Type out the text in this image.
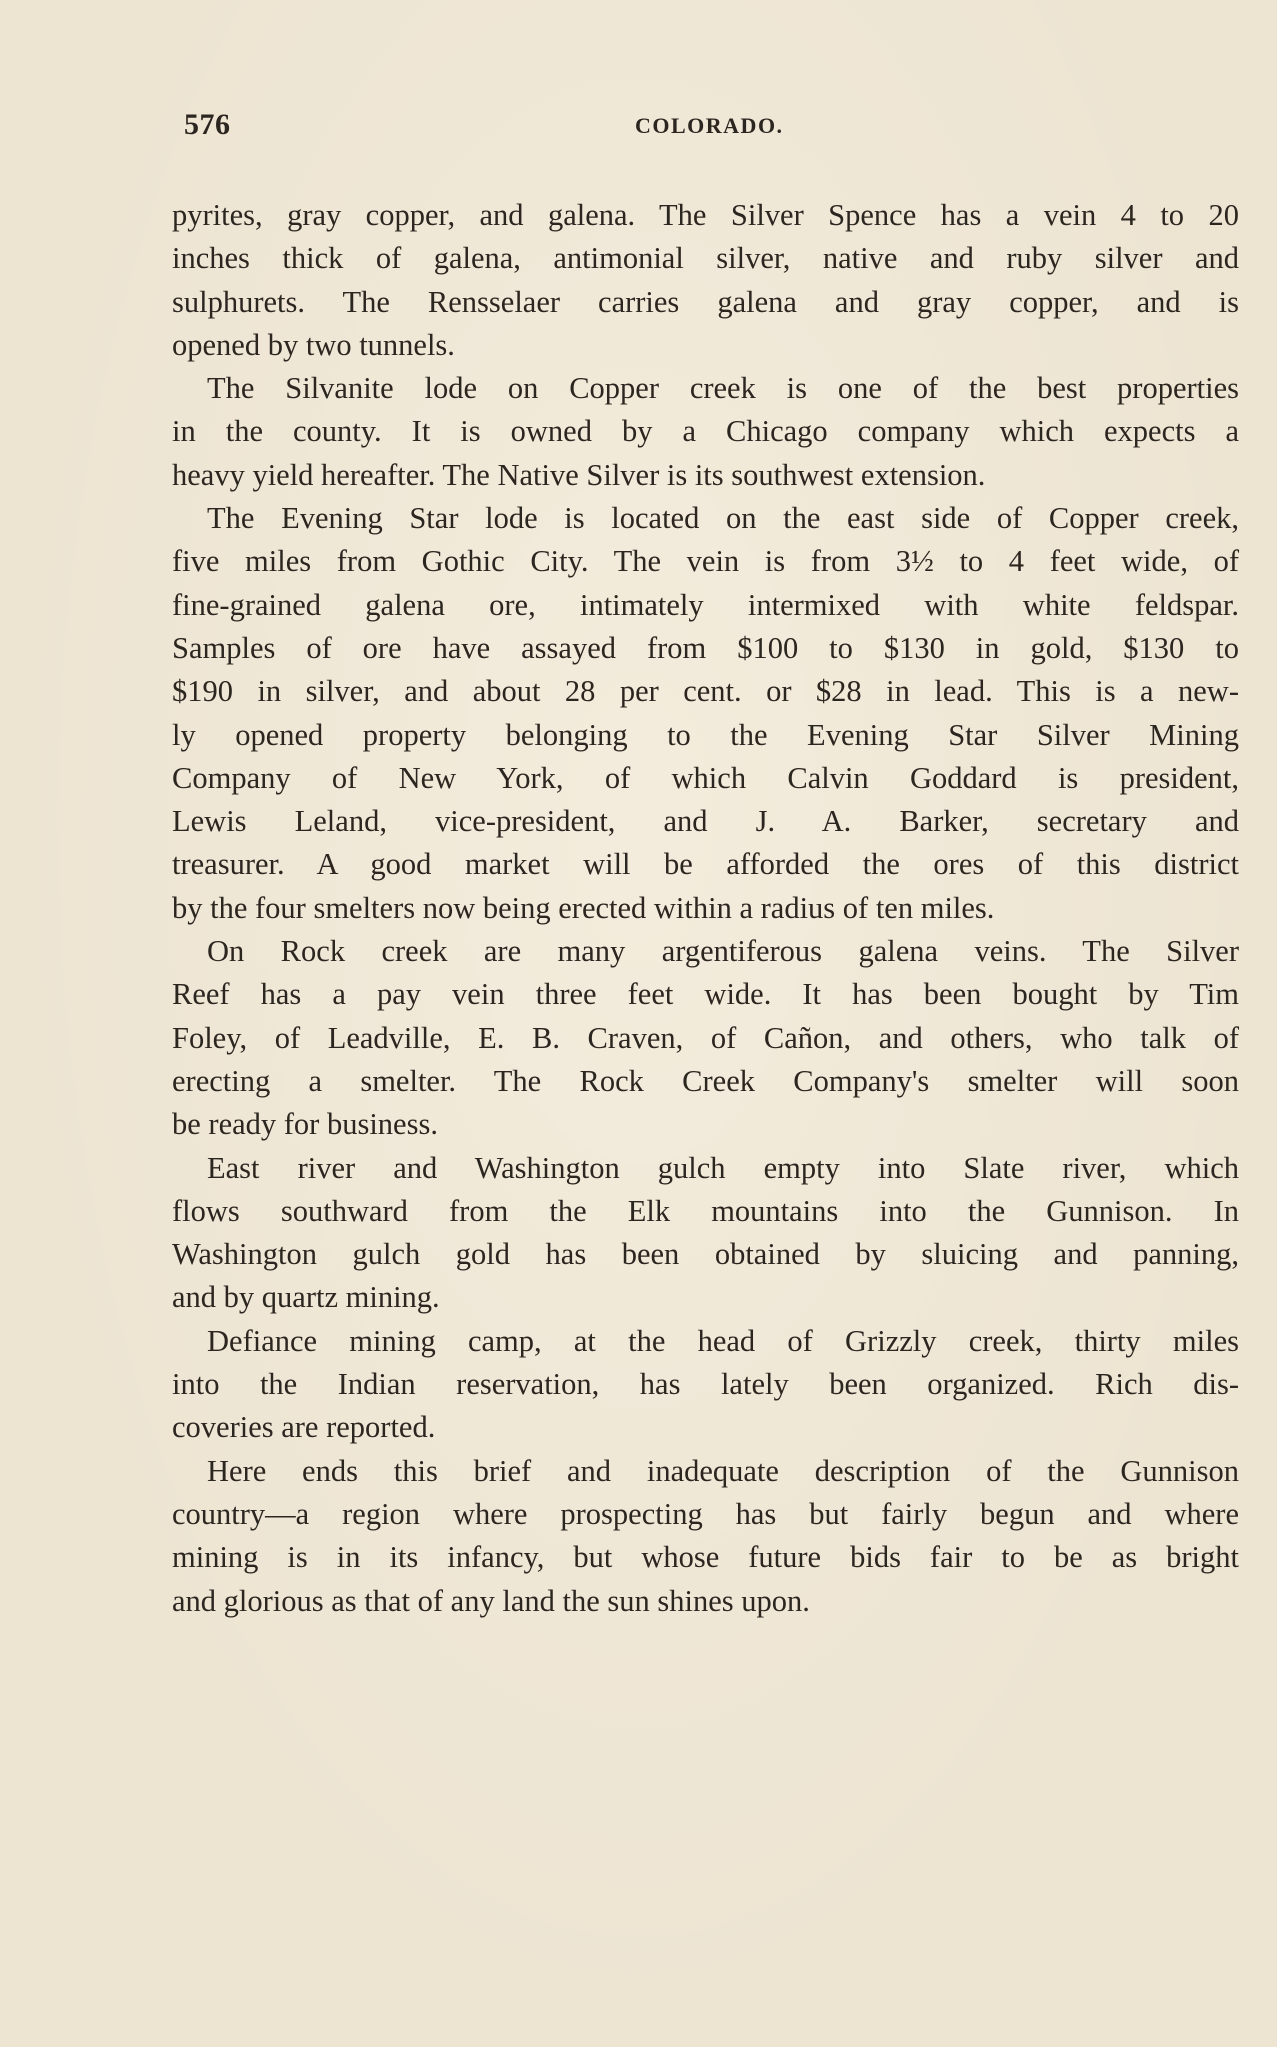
576	COLORADO.
pyrites, gray copper, and galena. The Silver Spence has a vein 4 to 20
inches thick of galena, antimonial silver, native and ruby silver and
sulphurets. The Rensselaer carries galena and gray copper, and is
opened by two tunnels.
The Silvanite lode on Copper creek is one of the best properties
in the county. It is owned by a Chicago company which expects a
heavy yield hereafter. The Native Silver is its southwest extension.
The Evening Star lode is located on the east side of Copper creek,
five miles from Gothic City. The vein is from 3½ to 4 feet wide, of
fine-grained galena ore, intimately intermixed with white feldspar.
Samples of ore have assayed from $100 to $130 in gold, $130 to
$190 in silver, and about 28 per cent. or $28 in lead. This is a new-
ly opened property belonging to the Evening Star Silver Mining
Company of New York, of which Calvin Goddard is president,
Lewis Leland, vice-president, and J. A. Barker, secretary and
treasurer. A good market will be afforded the ores of this district
by the four smelters now being erected within a radius of ten miles.
On Rock creek are many argentiferous galena veins. The Silver
Reef has a pay vein three feet wide. It has been bought by Tim
Foley, of Leadville, E. B. Craven, of Cañon, and others, who talk of
erecting a smelter. The Rock Creek Company's smelter will soon
be ready for business.
East river and Washington gulch empty into Slate river, which
flows southward from the Elk mountains into the Gunnison. In
Washington gulch gold has been obtained by sluicing and panning,
and by quartz mining.
Defiance mining camp, at the head of Grizzly creek, thirty miles
into the Indian reservation, has lately been organized. Rich dis-
coveries are reported.
Here ends this brief and inadequate description of the Gunnison
country—a region where prospecting has but fairly begun and where
mining is in its infancy, but whose future bids fair to be as bright
and glorious as that of any land the sun shines upon.
